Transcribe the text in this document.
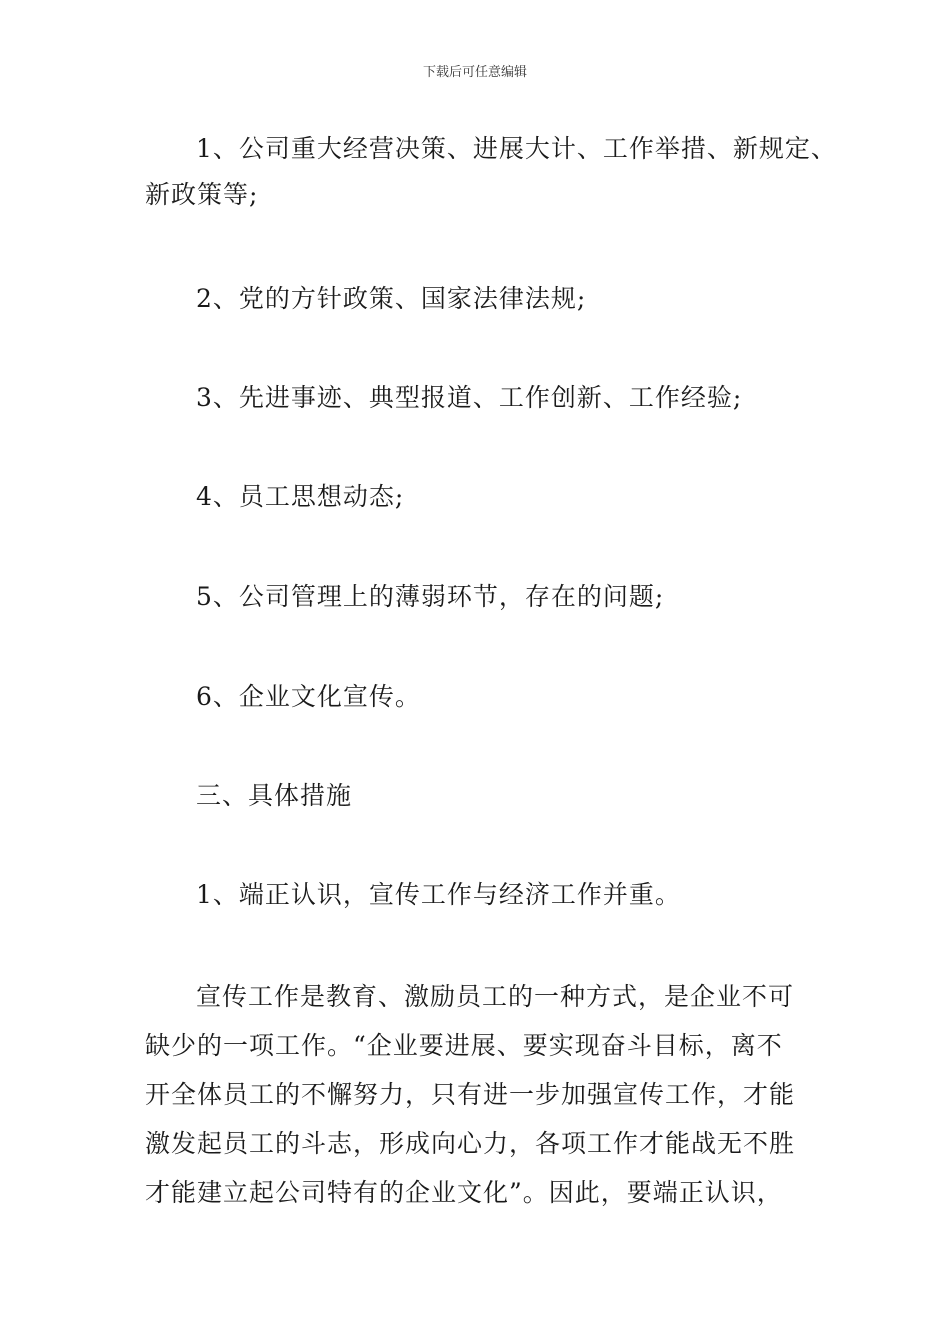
下载后可任意编辑
1、公司重大经营决策、进展大计、工作举措、新规定、
新政策等;
2、党的方针政策、国家法律法规;
3、先进事迹、典型报道、工作创新、工作经验;
4、员工思想动态;
5、公司管理上的薄弱环节，存在的问题;
6、企业文化宣传。
三、具体措施
1、端正认识，宣传工作与经济工作并重。
宣传工作是教育、激励员工的一种方式，是企业不可
缺少的一项工作。“企业要进展、要实现奋斗目标，离不
开全体员工的不懈努力，只有进一步加强宣传工作，才能
激发起员工的斗志，形成向心力，各项工作才能战无不胜
才能建立起公司特有的企业文化”。因此，要端正认识，
